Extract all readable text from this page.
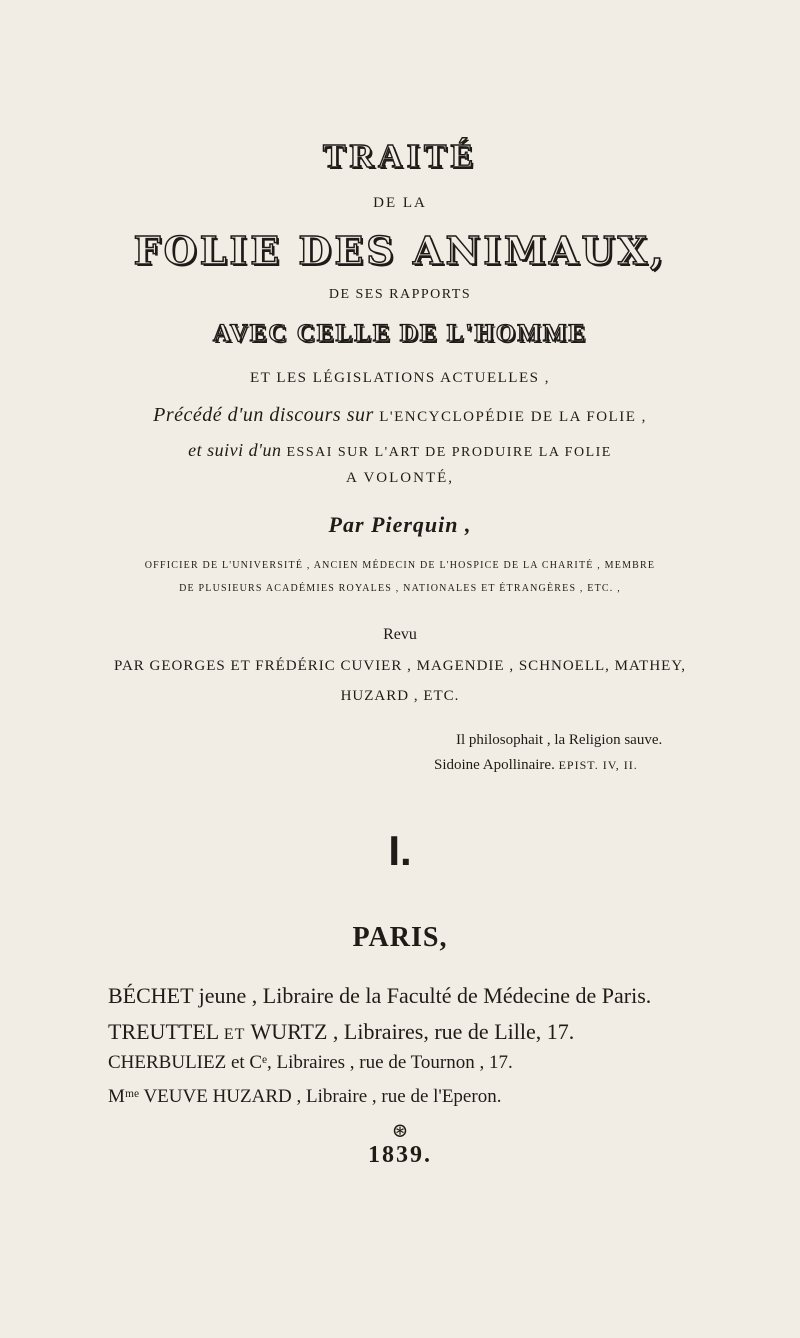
TRAITÉ
DE LA
FOLIE DES ANIMAUX,
DE SES RAPPORTS
AVEC CELLE DE L'HOMME
ET LES LÉGISLATIONS ACTUELLES ,
Précédé d'un discours sur L'ENCYCLOPÉDIE DE LA FOLIE ,
et suivi d'un ESSAI SUR L'ART DE PRODUIRE LA FOLIE
A VOLONTÉ,
Par Pierquin ,
OFFICIER DE L'UNIVERSITÉ , ANCIEN MÉDECIN DE L'HOSPICE DE LA CHARITÉ , MEMBRE
DE PLUSIEURS ACADÉMIES ROYALES , NATIONALES ET ÉTRANGÈRES , ETC. ,
Revu
PAR GEORGES ET FRÉDÉRIC CUVIER , MAGENDIE , SCHNOELL, MATHEY,
HUZARD , ETC.
Il philosophait , la Religion sauve.
Sidoine Apollinaire. EPIST. IV, II.
I.
PARIS,
BÉCHET jeune , Libraire de la Faculté de Médecine de Paris.
TREUTTEL ET WURTZ , Libraires, rue de Lille, 17.
CHERBULIEZ et Cᵉ, Libraires , rue de Tournon , 17.
Mᵐᵉ VEUVE HUZARD , Libraire , rue de l'Eperon.
⊛
1839.
